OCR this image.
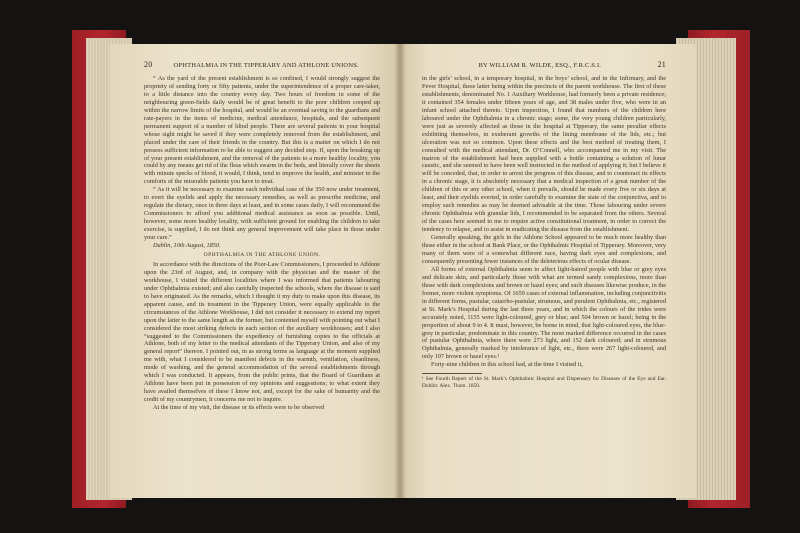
20	OPHTHALMIA IN THE TIPPERARY AND ATHLONE UNIONS.

“ As the yard of the present establishment is so confined, I would strongly suggest the propriety of sending forty or fifty patients, under the superintendence of a proper care-taker, to a little distance into the country every day. Two hours of freedom in some of the neighbouring green-fields daily would be of great benefit to the poor children cooped up within the narrow limits of the hospital, and would be an eventual saving to the guardians and rate-payers in the items of medicine, medical attendance, hospitals, and the subsequent permanent support of a number of blind people. There are several patients in your hospital whose sight might be saved if they were completely removed from the establishment, and placed under the care of their friends in the country. But this is a matter on which I do not possess sufficient information to be able to suggest any decided step. If, upon the breaking up of your present establishment, and the removal of the patients to a more healthy locality, you could by any means get rid of the fleas which swarm in the beds, and literally cover the sheets with minute specks of blood, it would, I think, tend to improve the health, and minister to the comforts of the miserable patients you have to treat.

“ As it will be necessary to examine each individual case of the 350 now under treatment, to evert the eyelids and apply the necessary remedies, as well as prescribe medicine, and regulate the dietary, once in three days at least, and in some cases daily, I will recommend the Commissioners to afford you additional medical assistance as soon as possible. Until, however, some more healthy locality, with sufficient ground for enabling the children to take exercise, is supplied, I do not think any general improvement will take place in those under your care.”

Dublin, 10th August, 1850.

OPHTHALMIA IN THE ATHLONE UNION.

In accordance with the directions of the Poor-Law Commissioners, I proceeded to Athlone upon the 23rd of August, and, in company with the physician and the master of the workhouse, I visited the different localities where I was informed that patients labouring under Ophthalmia existed; and also carefully inspected the schools, where the disease is said to have originated. As the remarks, which I thought it my duty to make upon this disease, its apparent cause, and its treatment in the Tipperary Union, were equally applicable to the circumstances of the Athlone Workhouse, I did not consider it necessary to extend my report upon the latter to the same length as the former, but contented myself with pointing out what I considered the most striking defects in each section of the auxiliary workhouses; and I also “suggested to the Commissioners the expediency of furnishing copies to the officials at Athlone, both of my letter to the medical attendants of the Tipperary Union, and also of my general report” thereon. I pointed out, in as strong terms as language at the moment supplied me with, what I considered to be manifest defects in the warmth, ventilation, cleanliness, mode of washing, and the general accommodation of the several establishments through which I was conducted. It appears, from the public prints, that the Board of Guardians at Athlone have been put in possession of my opinions and suggestions; to what extent they have availed themselves of these I know not, and, except for the sake of humanity and the credit of my countrymen, it concerns me not to inquire.

At the time of my visit, the disease or its effects were to be observed

BY WILLIAM R. WILDE, ESQ., F.R.C.S.I.	21

in the girls’ school, in a temporary hospital, in the boys’ school, and in the Infirmary, and the Fever Hospital, these latter being within the precincts of the parent workhouse. The first of these establishments, denominated No. 1 Auxiliary Workhouse, had formerly been a private residence; it contained 354 females under fifteen years of age, and 38 males under five, who were in an infant school attached thereto. Upon inspection, I found that numbers of the children here laboured under the Ophthalmia in a chronic stage; some, the very young children particularly, were just as severely affected as those in the hospital at Tipperary, the same peculiar effects exhibiting themselves, in exuberant growths of the lining membrane of the lids, etc.; but ulceration was not so common. Upon these effects and the best method of treating them, I consulted with the medical attendant, Dr. O’Connell, who accompanied me in my visit. The matron of the establishment had been supplied with a bottle containing a solution of lunar caustic, and she seemed to have been well instructed in the method of applying it; but I believe it will be conceded, that, in order to arrest the progress of this disease, and to counteract its effects in a chronic stage, it is absolutely necessary that a medical inspection of a great number of the children of this or any other school, when it prevails, should be made every five or six days at least, and their eyelids everted, in order carefully to examine the state of the conjunctiva, and to employ such remedies as may be deemed advisable at the time. Those labouring under severe chronic Ophthalmia with granular lids, I recommended to be separated from the others. Several of the cases here seemed to me to require active constitutional treatment, in order to correct the tendency to relapse, and to assist in eradicating the disease from the establishment.

Generally speaking, the girls in the Athlone School appeared to be much more healthy than those either in the school at Bank Place, or the Ophthalmic Hospital of Tipperary. Moreover, very many of them were of a somewhat different race, having dark eyes and complexions, and consequently presenting fewer instances of the deleterious effects of ocular disease.

All forms of external Ophthalmia seem to affect light-haired people with blue or grey eyes and delicate skin, and particularly those with what are termed sandy complexions, more than those with dark complexions and brown or hazel eyes; and such diseases likewise produce, in the former, more violent symptoms. Of 1659 cases of external inflammation, including conjunctivitis in different forms, pustular, catarrho-pustular, strumous, and purulent Ophthalmia, etc., registered at St. Mark’s Hospital during the last three years, and in which the colours of the irides were accurately noted, 1155 were light-coloured, grey or blue; and 504 brown or hazel; being in the proportion of about 9 to 4. It must, however, be borne in mind, that light-coloured eyes, the blue-grey in particular, predominate in this country. The most marked difference occurred in the cases of pustular Ophthalmia, where there were 273 light, and 152 dark coloured; and in strumous Ophthalmia, generally marked by intolerance of light, etc., there were 267 light-coloured, and only 107 brown or hazel eyes.¹

Forty-nine children in this school had, at the time I visited it,

¹ See Fourth Report of the St. Mark’s Ophthalmic Hospital and Dispensary for Diseases of the Eye and Ear. Dublin: Alex. Thom. 1850.
